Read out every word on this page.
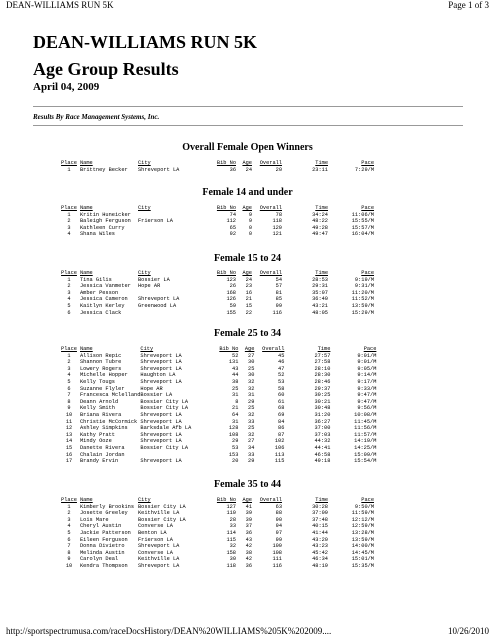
DEAN-WILLIAMS RUN 5K	Page 1 of 3
DEAN-WILLIAMS RUN 5K
Age Group Results
April 04, 2009
Results By Race Management Systems, Inc.
Overall Female Open Winners
Place	Name	City	Bib No	Age	Overall	Time	Pace
1	Brittney Becker	Shreveport LA	36	24	20	23:11	7:29/M
Female 14 and under
Place	Name	City	Bib No	Age	Overall	Time	Pace
1	Kritin Huneicker		74	9	78	34:24	11:06/M
2	Baleigh Ferguson	Frierson LA	112	9	118	48:22	15:55/M
3	Kathleen Curry		65	0	120	49:28	15:57/M
4	Shana Wiles		92	0	121	49:47	16:04/M
Female 15 to 24
Place	Name	City	Bib No	Age	Overall	Time	Pace
1	Tina Gilis	Bossier LA	123	24	54	28:53	9:19/M
2	Jessica Vanmeter	Hope AR	26	23	57	29:31	9:31/M
3	Amber Pesson		168	16	81	35:07	11:20/M
4	Jessica Cameron	Shreveport LA	126	21	85	36:40	11:52/M
5	Kaitlyn Kerley	Greenwood LA	59	15	99	43:21	13:59/M
6	Jessica Clack		155	22	116	48:05	15:29/M
Female 25 to 34
Place	Name	City	Bib No	Age	Overall	Time	Pace
1	Allison Repic	Shreveport LA	52	27	45	27:57	9:01/M
2	Shannon Tubre	Shreveport LA	131	30	46	27:58	9:01/M
3	Lowery Rogers	Shreveport LA	43	25	47	28:10	9:05/M
4	Michelle Hopper	Haughton LA	44	30	52	28:30	9:14/M
5	Kelly Tougs	Shreveport LA	38	32	53	28:46	9:17/M
6	Suzanne Flyler	Hope AR	25	32	58	29:37	9:33/M
7	Francesca Mclelland	Bossier LA	31	31	60	30:25	9:47/M
8	Deann Arnold	Bossier City LA	8	29	61	30:21	9:47/M
9	Kelly Smith	Bossier City LA	21	25	68	30:48	9:56/M
10	Briana Rivera	Shreveport LA	64	32	69	31:20	10:08/M
11	Christie McCormick	Shreveport LA	31	33	84	36:27	11:45/M
12	Ashley Simpkins	Barksdale Afb LA	128	25	86	37:00	11:56/M
13	Kathy Pratt	Shreveport LA	108	32	87	37:03	11:57/M
14	Mindy Ooze	Shreveport LA	29	27	102	44:32	14:19/M
15	Danette Rivera	Bossier City LA	53	34	106	44:41	14:25/M
16	Chalain Jordan		153	33	113	46:58	15:09/M
17	Brandy Ervin	Shreveport LA	20	29	115	49:18	15:54/M
Female 35 to 44
Place	Name	City	Bib No	Age	Overall	Time	Pace
1	Kimberly Brookins	Bossier City LA	127	41	63	30:28	9:50/M
2	Josette Greeley	Keithville LA	110	39	88	37:09	11:59/M
3	Lois Mare	Bossier City LA	28	39	90	37:48	12:12/M
4	Cheryl Austin	Converse LA	33	37	94	40:15	12:59/M
5	Jackie Patterson	Benton LA	114	36	97	41:44	13:28/M
6	Eileen Ferguson	Frierson LA	115	43	99	43:20	13:59/M
7	Donna Divietro	Shreveport LA	32	42	100	43:23	14:00/M
8	Melinda Austin	Converse LA	158	38	108	45:42	14:45/M
9	Carolyn Deal	Keithville LA	30	42	111	46:34	15:01/M
10	Kendra Thompson	Shreveport LA	118	36	116	48:19	15:35/M
http://sportspectrumusa.com/raceDocsHistory/DEAN%20WILLIAMS%205K%202009....	10/26/2010
